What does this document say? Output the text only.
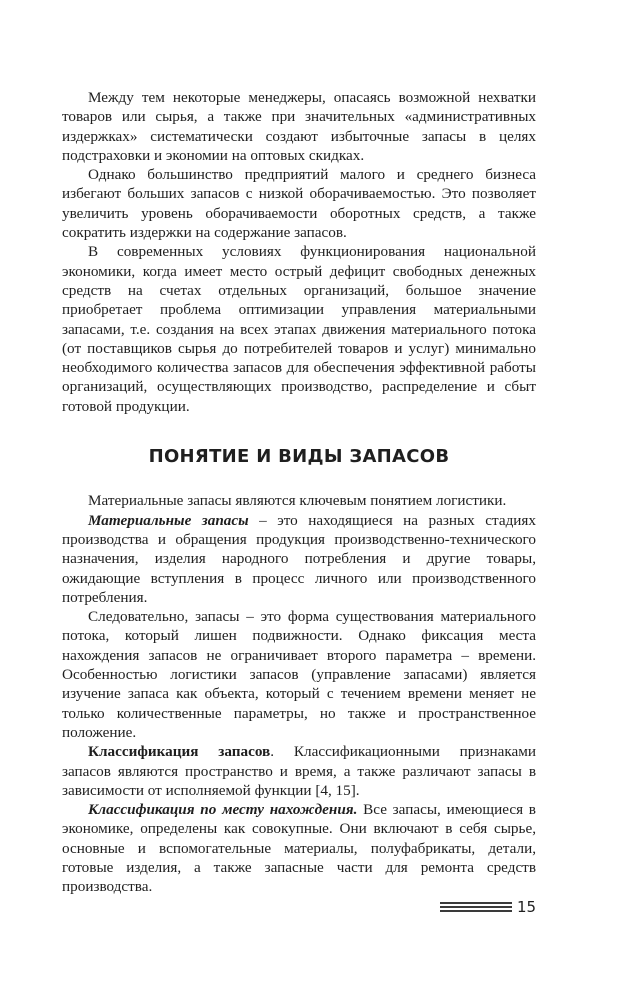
Между тем некоторые менеджеры, опасаясь возможной нехватки товаров или сырья, а также при значительных «административных издержках» систематически создают избыточные запасы в целях подстраховки и экономии на оптовых скидках.

Однако большинство предприятий малого и среднего бизнеса избегают больших запасов с низкой оборачиваемостью. Это позволяет увеличить уровень оборачиваемости оборотных средств, а также сократить издержки на содержание запасов.

В современных условиях функционирования национальной экономики, когда имеет место острый дефицит свободных денежных средств на счетах отдельных организаций, большое значение приобретает проблема оптимизации управления материальными запасами, т.е. создания на всех этапах движения материального потока (от поставщиков сырья до потребителей товаров и услуг) минимально необходимого количества запасов для обеспечения эффективной работы организаций, осуществляющих производство, распределение и сбыт готовой продукции.

ПОНЯТИЕ И ВИДЫ ЗАПАСОВ

Материальные запасы являются ключевым понятием логистики.

Материальные запасы – это находящиеся на разных стадиях производства и обращения продукция производственно-технического назначения, изделия народного потребления и другие товары, ожидающие вступления в процесс личного или производственного потребления.

Следовательно, запасы – это форма существования материального потока, который лишен подвижности. Однако фиксация места нахождения запасов не ограничивает второго параметра – времени. Особенностью логистики запасов (управление запасами) является изучение запаса как объекта, который с течением времени меняет не только количественные параметры, но также и пространственное положение.

Классификация запасов. Классификационными признаками запасов являются пространство и время, а также различают запасы в зависимости от исполняемой функции [4, 15].

Классификация по месту нахождения. Все запасы, имеющиеся в экономике, определены как совокупные. Они включают в себя сырье, основные и вспомогательные материалы, полуфабрикаты, детали, готовые изделия, а также запасные части для ремонта средств производства.

15
